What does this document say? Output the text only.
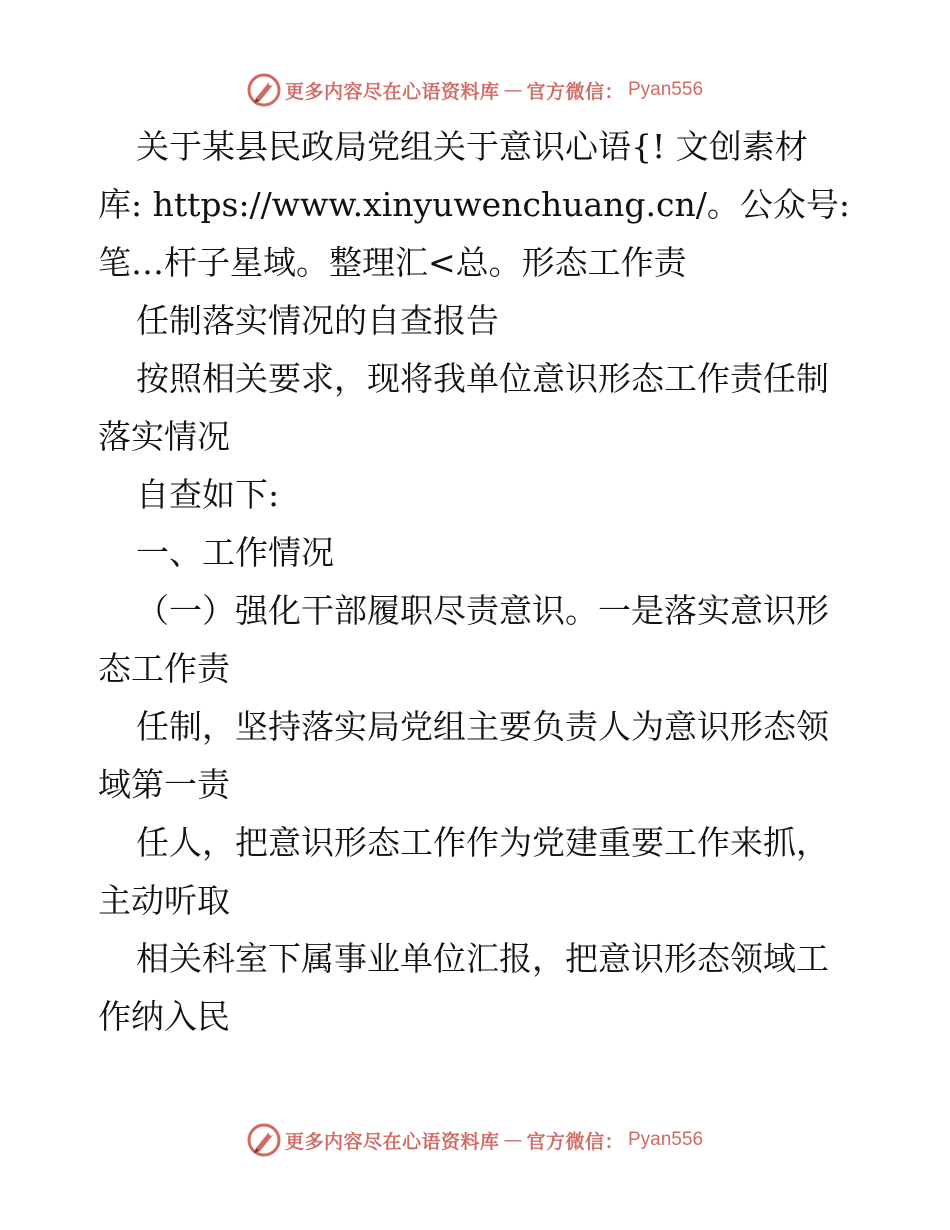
更多内容尽在心语资料库 — 官方微信： Pyan556

关于某县民政局党组关于意识心语{! 文创素材

库: https://www.xinyuwenchuang.cn/。公众号:

笔…杆子星域。整理汇<总。形态工作责

任制落实情况的自查报告

按照相关要求，现将我单位意识形态工作责任制

落实情况

自查如下:

一、工作情况

（一）强化干部履职尽责意识。一是落实意识形

态工作责

任制，坚持落实局党组主要负责人为意识形态领

域第一责

任人，把意识形态工作作为党建重要工作来抓，

主动听取

相关科室下属事业单位汇报，把意识形态领域工

作纳入民

更多内容尽在心语资料库 — 官方微信： Pyan556
